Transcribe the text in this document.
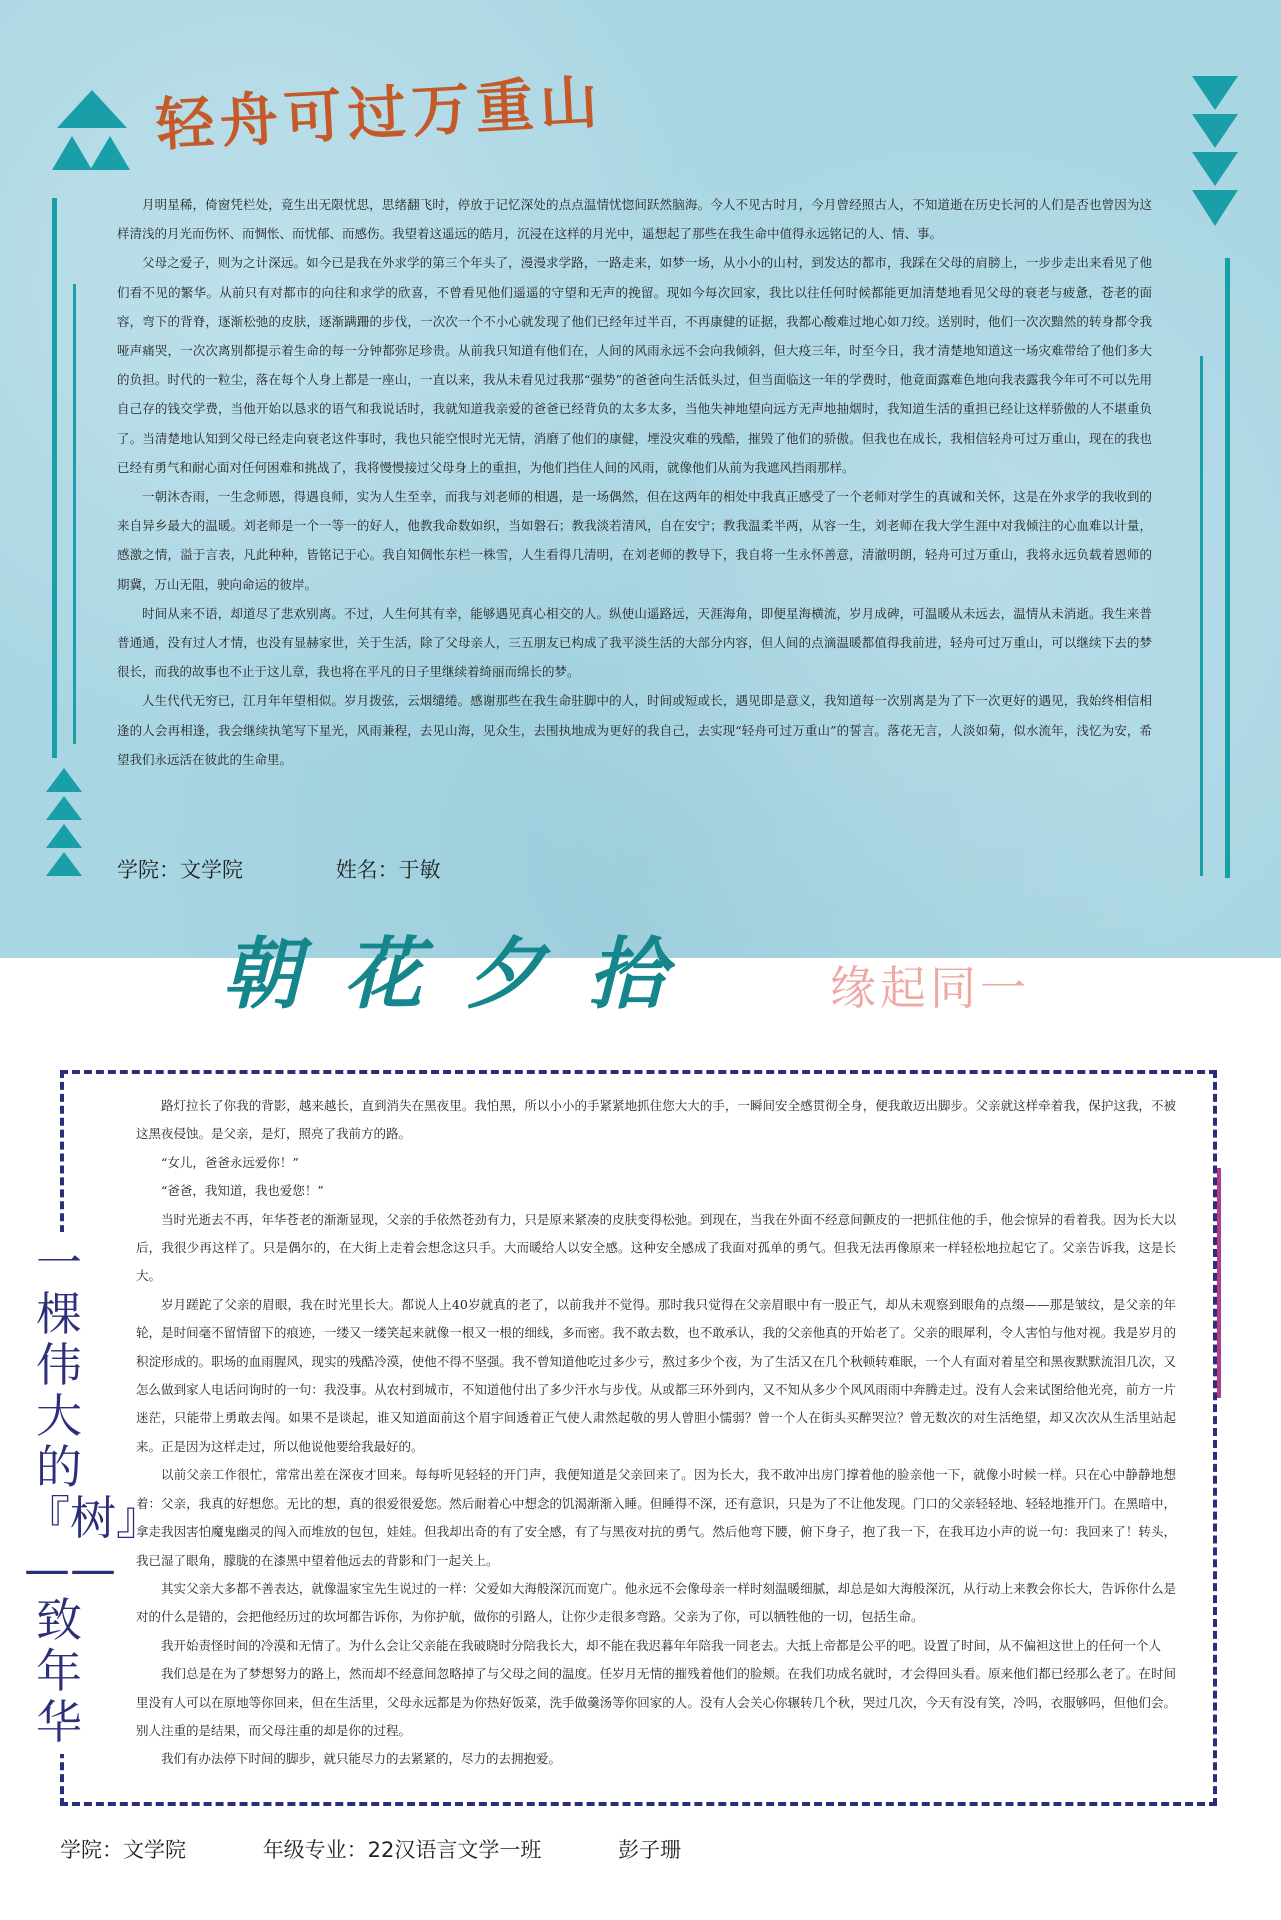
轻舟可过万重山

月明星稀，倚窗凭栏处，竟生出无限忧思，思绪翻飞时，停放于记忆深处的点点温情忧惚间跃然脑海。今人不见古时月，今月曾经照古人，不知道逝在历史长河的人们是否也曾因为这样清浅的月光而伤怀、而惆怅、而忧郁、而感伤。我望着这遥远的皓月，沉浸在这样的月光中，遥想起了那些在我生命中值得永远铭记的人、情、事。

父母之爱子，则为之计深远。如今已是我在外求学的第三个年头了，漫漫求学路，一路走来，如梦一场，从小小的山村，到发达的都市，我踩在父母的肩膀上，一步步走出来看见了他们看不见的繁华。从前只有对都市的向往和求学的欣喜，不曾看见他们遥遥的守望和无声的挽留。现如今每次回家，我比以往任何时候都能更加清楚地看见父母的衰老与疲惫，苍老的面容，弯下的背脊，逐渐松弛的皮肤，逐渐蹒跚的步伐，一次次一个不小心就发现了他们已经年过半百，不再康健的证据，我都心酸难过地心如刀绞。送别时，他们一次次黯然的转身都令我哑声痛哭，一次次离别都提示着生命的每一分钟都弥足珍贵。从前我只知道有他们在，人间的风雨永远不会向我倾斜，但大疫三年，时至今日，我才清楚地知道这一场灾难带给了他们多大的负担。时代的一粒尘，落在每个人身上都是一座山，一直以来，我从未看见过我那“强势”的爸爸向生活低头过，但当面临这一年的学费时，他竟面露难色地向我表露我今年可不可以先用自己存的钱交学费，当他开始以恳求的语气和我说话时，我就知道我亲爱的爸爸已经背负的太多太多，当他失神地望向远方无声地抽烟时，我知道生活的重担已经让这样骄傲的人不堪重负了。当清楚地认知到父母已经走向衰老这件事时，我也只能空恨时光无情，消磨了他们的康健，堙没灾难的残酷，摧毁了他们的骄傲。但我也在成长，我相信轻舟可过万重山，现在的我也已经有勇气和耐心面对任何困难和挑战了，我将慢慢接过父母身上的重担，为他们挡住人间的风雨，就像他们从前为我遮风挡雨那样。

一朝沐杏雨，一生念师恩，得遇良师，实为人生至幸，而我与刘老师的相遇，是一场偶然，但在这两年的相处中我真正感受了一个老师对学生的真诚和关怀，这是在外求学的我收到的来自异乡最大的温暖。刘老师是一个一等一的好人，他教我命数如织，当如磐石；教我淡若清风，自在安宁；教我温柔半两，从容一生，刘老师在我大学生涯中对我倾注的心血难以计量，感激之情，溢于言表，凡此种种，皆铭记于心。我自知倜怅东栏一株雪，人生看得几清明，在刘老师的教导下，我自将一生永怀善意，清澈明朗，轻舟可过万重山，我将永远负载着恩师的期冀，万山无阻，驶向命运的彼岸。

时间从来不语，却道尽了悲欢别离。不过，人生何其有幸，能够遇见真心相交的人。纵使山遥路远，天涯海角，即便星海横流，岁月成碑，可温暖从未远去，温情从未消逝。我生来普普通通，没有过人才情，也没有显赫家世，关于生活，除了父母亲人，三五朋友已构成了我平淡生活的大部分内容，但人间的点滴温暖都值得我前进，轻舟可过万重山，可以继续下去的梦很长，而我的故事也不止于这儿章，我也将在平凡的日子里继续着绮丽而绵长的梦。

人生代代无穷已，江月年年望相似。岁月拨弦，云烟缱绻。感谢那些在我生命驻脚中的人，时间或短或长，遇见即是意义，我知道每一次别离是为了下一次更好的遇见，我始终相信相逢的人会再相逢，我会继续执笔写下星光，风雨兼程，去见山海，见众生，去围执地成为更好的我自己，去实现“轻舟可过万重山”的誓言。落花无言，人淡如菊，似水流年，浅忆为安，希望我们永远活在彼此的生命里。

学院：文学院	姓名：于敏
朝花夕拾	缘起同一
一棵伟大的『树』——致年华

路灯拉长了你我的背影，越来越长，直到消失在黑夜里。我怕黑，所以小小的手紧紧地抓住您大大的手，一瞬间安全感贯彻全身，便我敢迈出脚步。父亲就这样牵着我，保护这我，不被这黑夜侵蚀。是父亲，是灯，照亮了我前方的路。

“女儿，爸爸永远爱你！”

“爸爸，我知道，我也爱您！”

当时光逝去不再，年华苍老的渐渐显现，父亲的手依然苍劲有力，只是原来紧凑的皮肤变得松弛。到现在，当我在外面不经意间颤皮的一把抓住他的手，他会惊异的看着我。因为长大以后，我很少再这样了。只是偶尔的，在大街上走着会想念这只手。大而暖给人以安全感。这种安全感成了我面对孤单的勇气。但我无法再像原来一样轻松地拉起它了。父亲告诉我，这是长大。

岁月蹉跎了父亲的眉眼，我在时光里长大。都说人上40岁就真的老了，以前我并不觉得。那时我只觉得在父亲眉眼中有一股正气，却从未观察到眼角的点缀——那是皱纹，是父亲的年轮，是时间毫不留情留下的痕迹，一缕又一缕笑起来就像一根又一根的细线，多而密。我不敢去数，也不敢承认，我的父亲他真的开始老了。父亲的眼犀利，令人害怕与他对视。我是岁月的积淀形成的。职场的血雨腥风，现实的残酷冷漠，使他不得不坚强。我不曾知道他吃过多少亏，熬过多少个夜，为了生活又在几个秋顿转难眠，一个人有面对着星空和黑夜默默流泪几次，又怎么做到家人电话问询时的一句：我没事。从农村到城市，不知道他付出了多少汗水与步伐。从或都三环外到内，又不知从多少个风风雨雨中奔腾走过。没有人会来试图给他光亮，前方一片迷茫，只能带上勇敢去闯。如果不是谈起，谁又知道面前这个眉宇间透着正气使人肃然起敬的男人曾胆小懦弱？曾一个人在街头买醉哭泣？曾无数次的对生活绝望，却又次次从生活里站起来。正是因为这样走过，所以他说他要给我最好的。

以前父亲工作很忙，常常出差在深夜才回来。每每听见轻轻的开门声，我便知道是父亲回来了。因为长大，我不敢冲出房门撑着他的脸亲他一下，就像小时候一样。只在心中静静地想着：父亲，我真的好想您。无比的想，真的很爱很爱您。然后耐着心中想念的饥渴渐渐入睡。但睡得不深，还有意识，只是为了不让他发现。门口的父亲轻轻地、轻轻地推开门。在黑暗中，拿走我因害怕魔鬼幽灵的闯入而堆放的包包，娃娃。但我却出奇的有了安全感，有了与黑夜对抗的勇气。然后他弯下腰，俯下身子，抱了我一下，在我耳边小声的说一句：我回来了！转头，我已湿了眼角，朦胧的在漆黑中望着他远去的背影和门一起关上。

其实父亲大多都不善表达，就像温家宝先生说过的一样：父爱如大海般深沉而宽广。他永远不会像母亲一样时刻温暖细腻，却总是如大海般深沉，从行动上来教会你长大，告诉你什么是对的什么是错的，会把他经历过的坎坷都告诉你，为你护航，做你的引路人，让你少走很多弯路。父亲为了你，可以牺牲他的一切，包括生命。

我开始责怪时间的冷漠和无情了。为什么会让父亲能在我破晓时分陪我长大，却不能在我迟暮年年陪我一同老去。大抵上帝都是公平的吧。设置了时间，从不偏袒这世上的任何一个人

我们总是在为了梦想努力的路上，然而却不经意间忽略掉了与父母之间的温度。任岁月无情的摧残着他们的脸颊。在我们功成名就时，才会得回头看。原来他们都已经那么老了。在时间里没有人可以在原地等你回来，但在生活里，父母永远都是为你热好饭菜，洗手做羹汤等你回家的人。没有人会关心你辗转几个秋，哭过几次，今天有没有笑，冷吗，衣服够吗，但他们会。别人注重的是结果，而父母注重的却是你的过程。

我们有办法停下时间的脚步，就只能尽力的去紧紧的，尽力的去拥抱爱。

学院：文学院	年级专业：22汉语言文学一班	彭子珊
